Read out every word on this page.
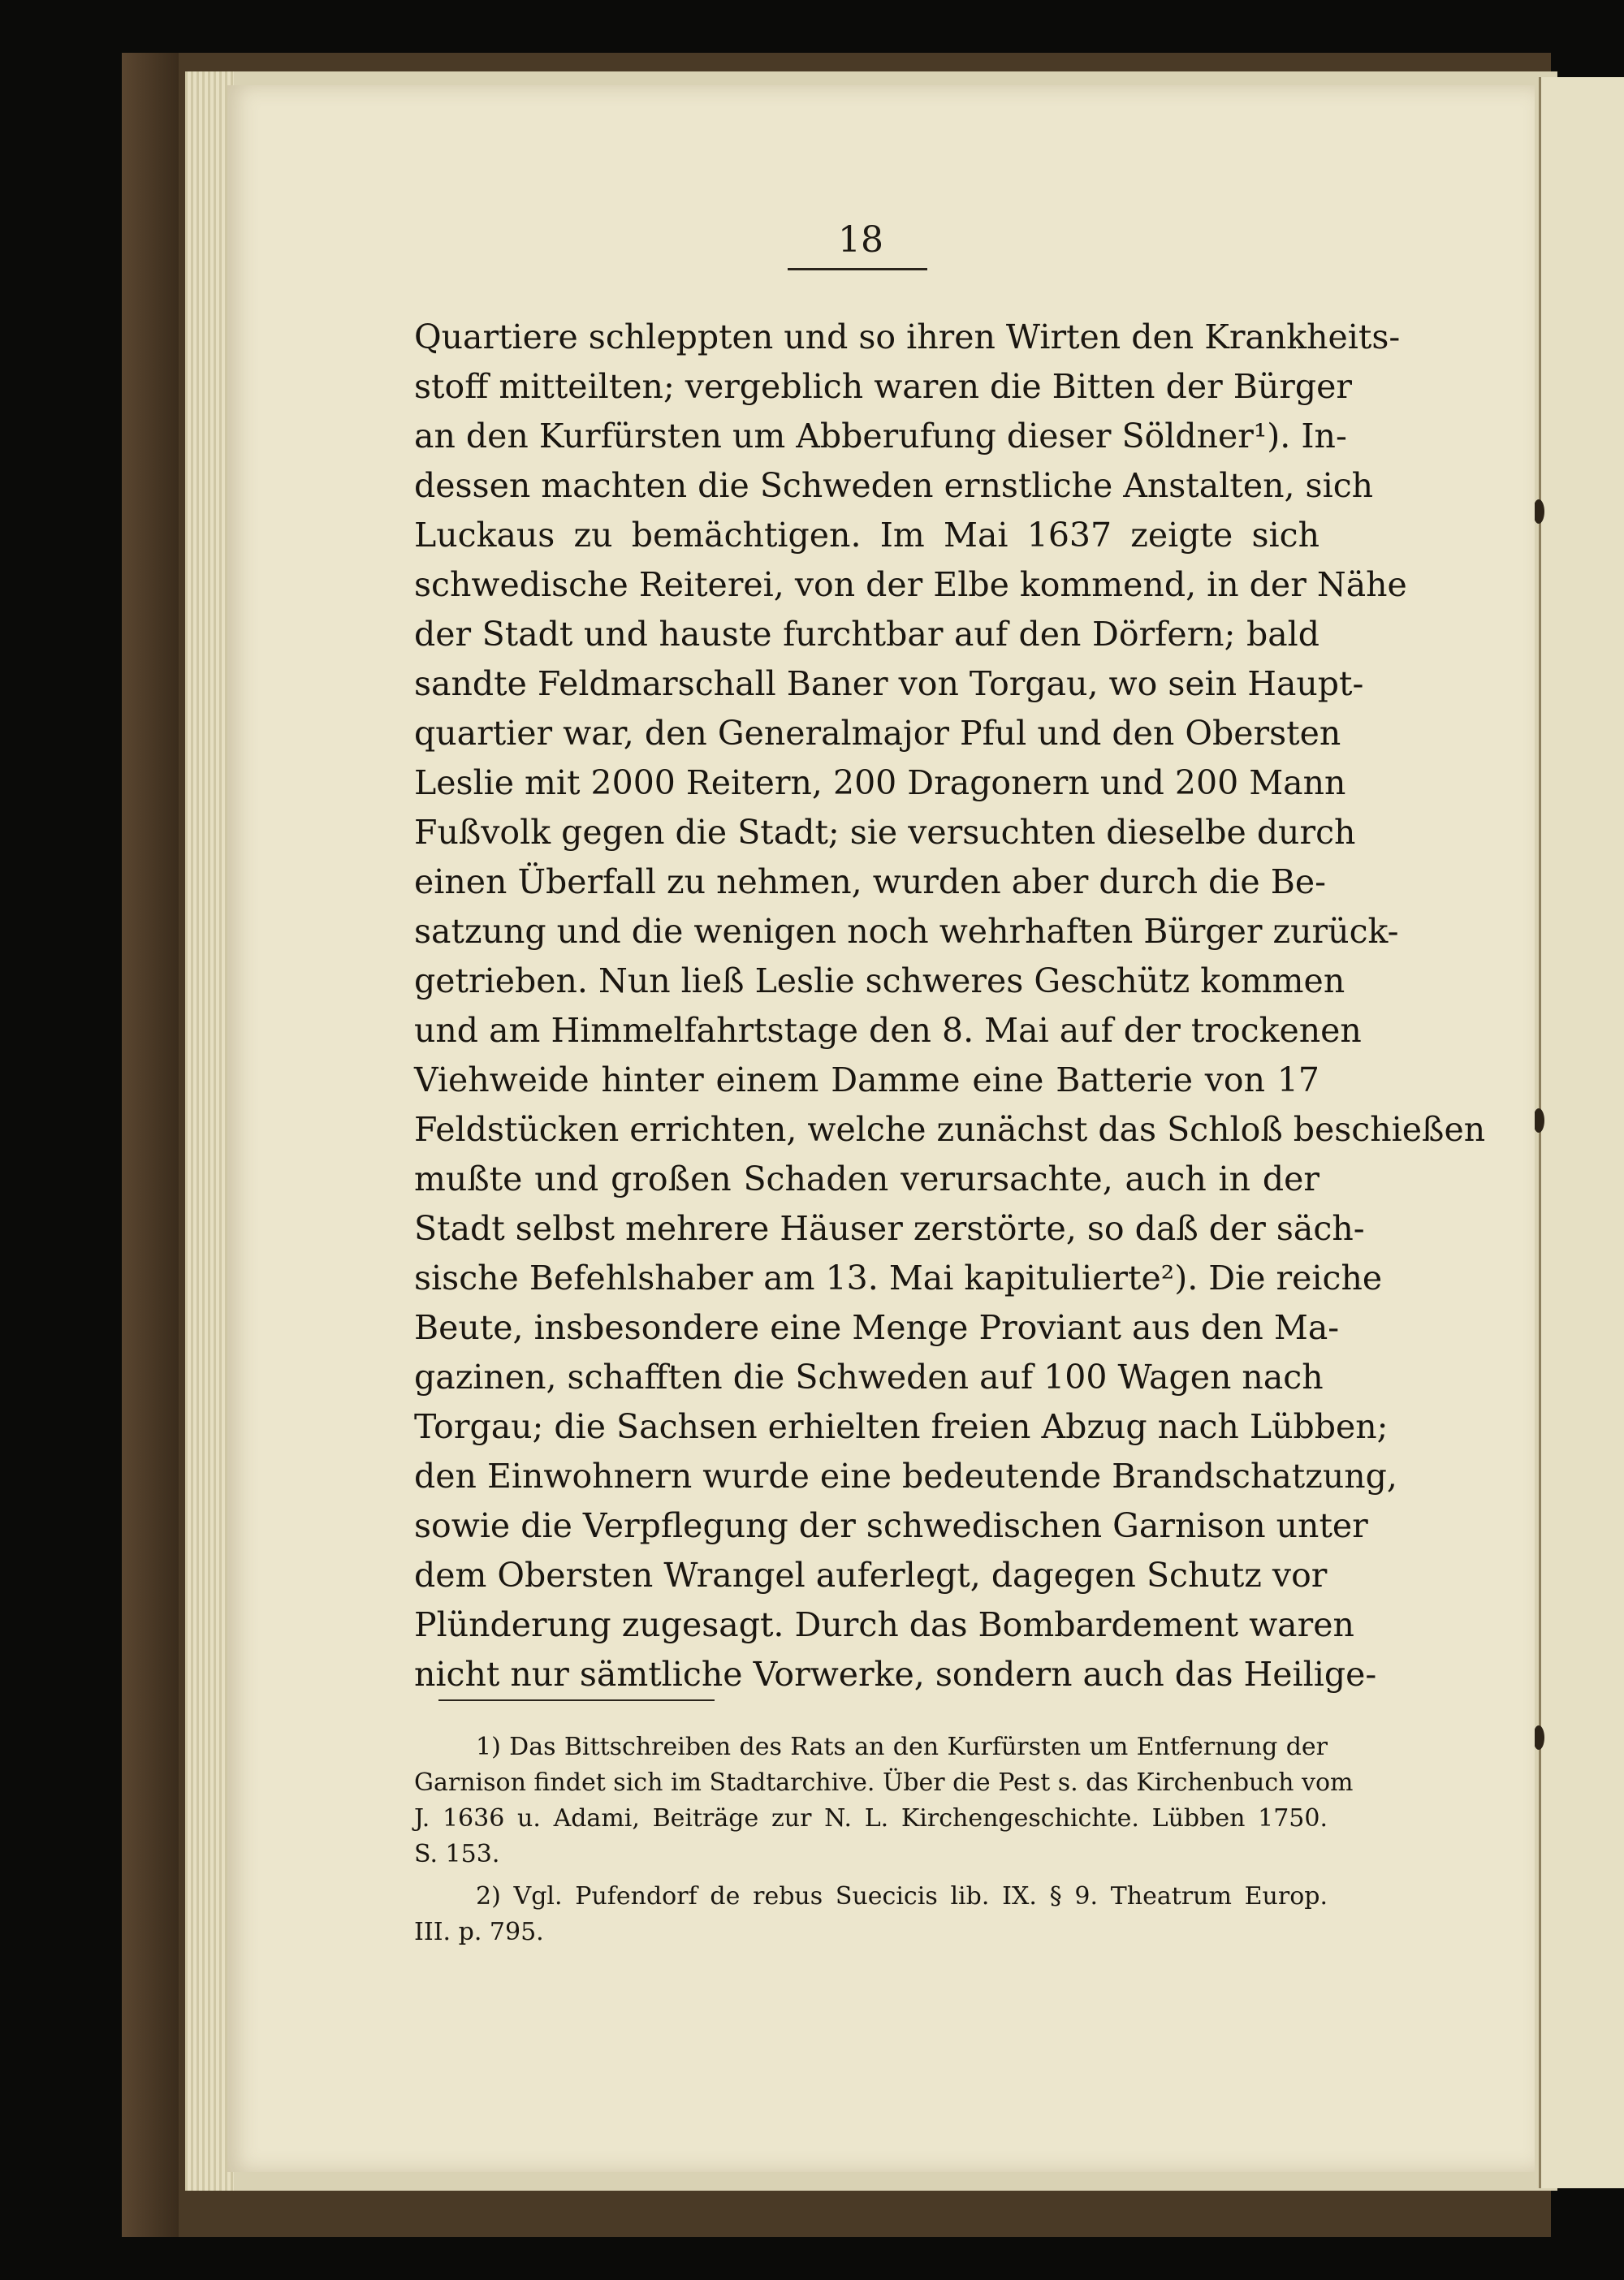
18
Quartiere schleppten und so ihren Wirten den Krankheits-
stoff mitteilten; vergeblich waren die Bitten der Bürger
an den Kurfürsten um Abberufung dieser Söldner¹). In-
dessen machten die Schweden ernstliche Anstalten, sich
Luckaus zu bemächtigen. Im Mai 1637 zeigte sich
schwedische Reiterei, von der Elbe kommend, in der Nähe
der Stadt und hauste furchtbar auf den Dörfern; bald
sandte Feldmarschall Baner von Torgau, wo sein Haupt-
quartier war, den Generalmajor Pful und den Obersten
Leslie mit 2000 Reitern, 200 Dragonern und 200 Mann
Fußvolk gegen die Stadt; sie versuchten dieselbe durch
einen Überfall zu nehmen, wurden aber durch die Be-
satzung und die wenigen noch wehrhaften Bürger zurück-
getrieben. Nun ließ Leslie schweres Geschütz kommen
und am Himmelfahrtstage den 8. Mai auf der trockenen
Viehweide hinter einem Damme eine Batterie von 17
Feldstücken errichten, welche zunächst das Schloß beschießen
mußte und großen Schaden verursachte, auch in der
Stadt selbst mehrere Häuser zerstörte, so daß der säch-
sische Befehlshaber am 13. Mai kapitulierte²). Die reiche
Beute, insbesondere eine Menge Proviant aus den Ma-
gazinen, schafften die Schweden auf 100 Wagen nach
Torgau; die Sachsen erhielten freien Abzug nach Lübben;
den Einwohnern wurde eine bedeutende Brandschatzung,
sowie die Verpflegung der schwedischen Garnison unter
dem Obersten Wrangel auferlegt, dagegen Schutz vor
Plünderung zugesagt. Durch das Bombardement waren
nicht nur sämtliche Vorwerke, sondern auch das Heilige-
1) Das Bittschreiben des Rats an den Kurfürsten um Entfernung der
Garnison findet sich im Stadtarchive. Über die Pest s. das Kirchenbuch vom
J. 1636 u. Adami, Beiträge zur N. L. Kirchengeschichte. Lübben 1750.
S. 153.
2) Vgl. Pufendorf de rebus Suecicis lib. IX. § 9. Theatrum Europ.
III. p. 795.
